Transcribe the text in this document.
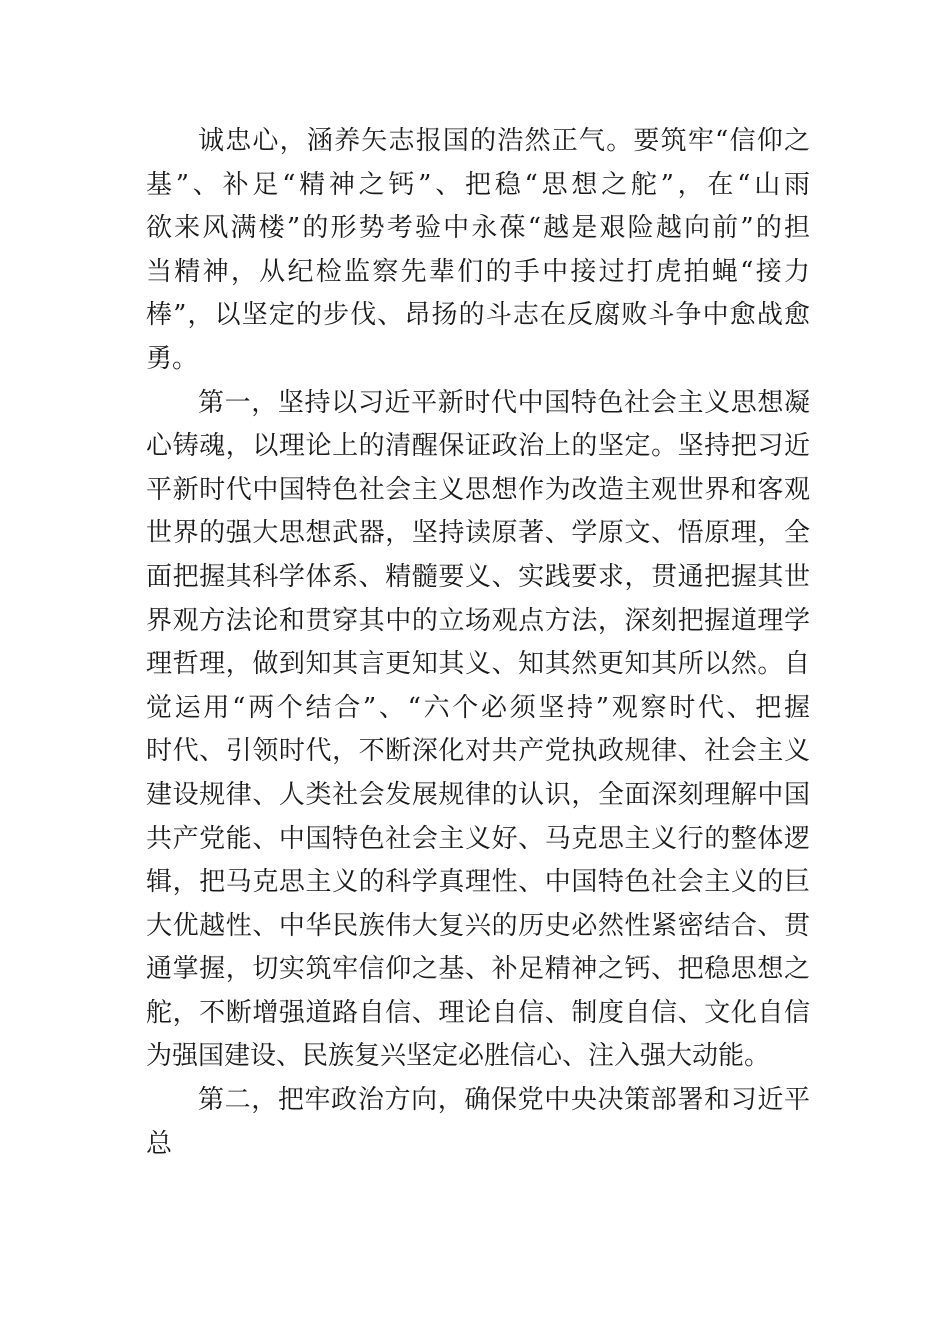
诚忠心，涵养矢志报国的浩然正气。要筑牢“信仰之
基”、补足“精神之钙”、把稳“思想之舵”，在“山雨
欲来风满楼”的形势考验中永葆“越是艰险越向前”的担
当精神，从纪检监察先辈们的手中接过打虎拍蝇“接力
棒”，以坚定的步伐、昂扬的斗志在反腐败斗争中愈战愈
勇。
第一，坚持以习近平新时代中国特色社会主义思想凝
心铸魂，以理论上的清醒保证政治上的坚定。坚持把习近
平新时代中国特色社会主义思想作为改造主观世界和客观
世界的强大思想武器，坚持读原著、学原文、悟原理，全
面把握其科学体系、精髓要义、实践要求，贯通把握其世
界观方法论和贯穿其中的立场观点方法，深刻把握道理学
理哲理，做到知其言更知其义、知其然更知其所以然。自
觉运用“两个结合”、“六个必须坚持”观察时代、把握
时代、引领时代，不断深化对共产党执政规律、社会主义
建设规律、人类社会发展规律的认识，全面深刻理解中国
共产党能、中国特色社会主义好、马克思主义行的整体逻
辑，把马克思主义的科学真理性、中国特色社会主义的巨
大优越性、中华民族伟大复兴的历史必然性紧密结合、贯
通掌握，切实筑牢信仰之基、补足精神之钙、把稳思想之
舵，不断增强道路自信、理论自信、制度自信、文化自信
为强国建设、民族复兴坚定必胜信心、注入强大动能。
第二，把牢政治方向，确保党中央决策部署和习近平
总
